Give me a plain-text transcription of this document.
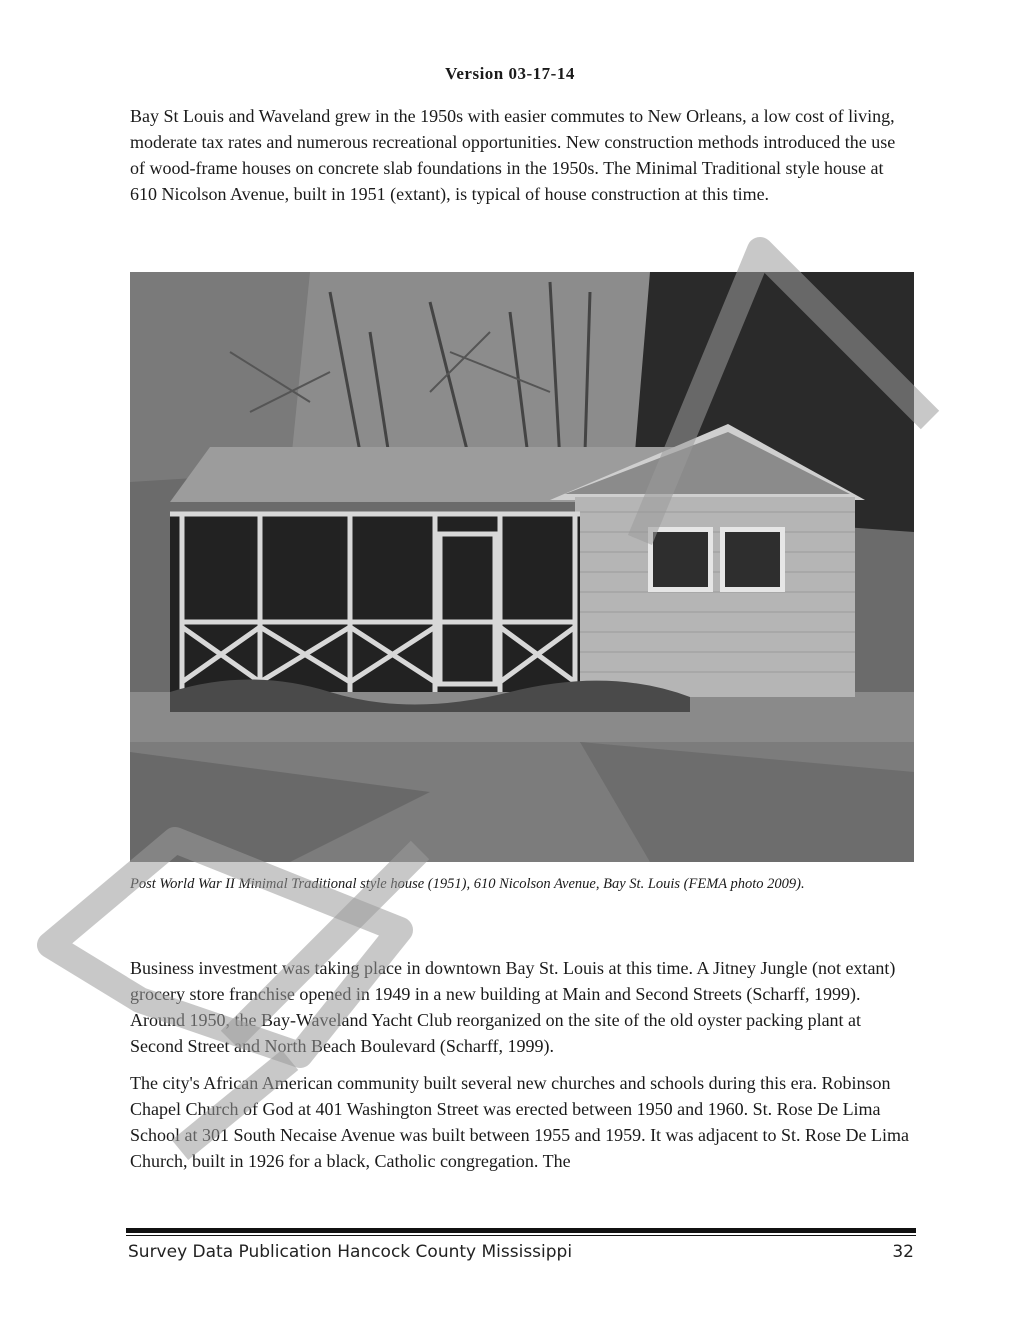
Version 03-17-14

Bay St Louis and Waveland grew in the 1950s with easier commutes to New Orleans, a low cost of living, moderate tax rates and numerous recreational opportunities. New construction methods introduced the use of wood-frame houses on concrete slab foundations in the 1950s. The Minimal Traditional style house at 610 Nicolson Avenue, built in 1951 (extant), is typical of house construction at this time.

Post World War II Minimal Traditional style house (1951), 610 Nicolson Avenue, Bay St. Louis (FEMA photo 2009).

Business investment was taking place in downtown Bay St. Louis at this time. A Jitney Jungle (not extant) grocery store franchise opened in 1949 in a new building at Main and Second Streets (Scharff, 1999). Around 1950, the Bay-Waveland Yacht Club reorganized on the site of the old oyster packing plant at Second Street and North Beach Boulevard (Scharff, 1999).

The city's African American community built several new churches and schools during this era. Robinson Chapel Church of God at 401 Washington Street was erected between 1950 and 1960. St. Rose De Lima School at 301 South Necaise Avenue was built between 1955 and 1959. It was adjacent to St. Rose De Lima Church, built in 1926 for a black, Catholic congregation. The

Survey Data Publication Hancock County Mississippi	32
